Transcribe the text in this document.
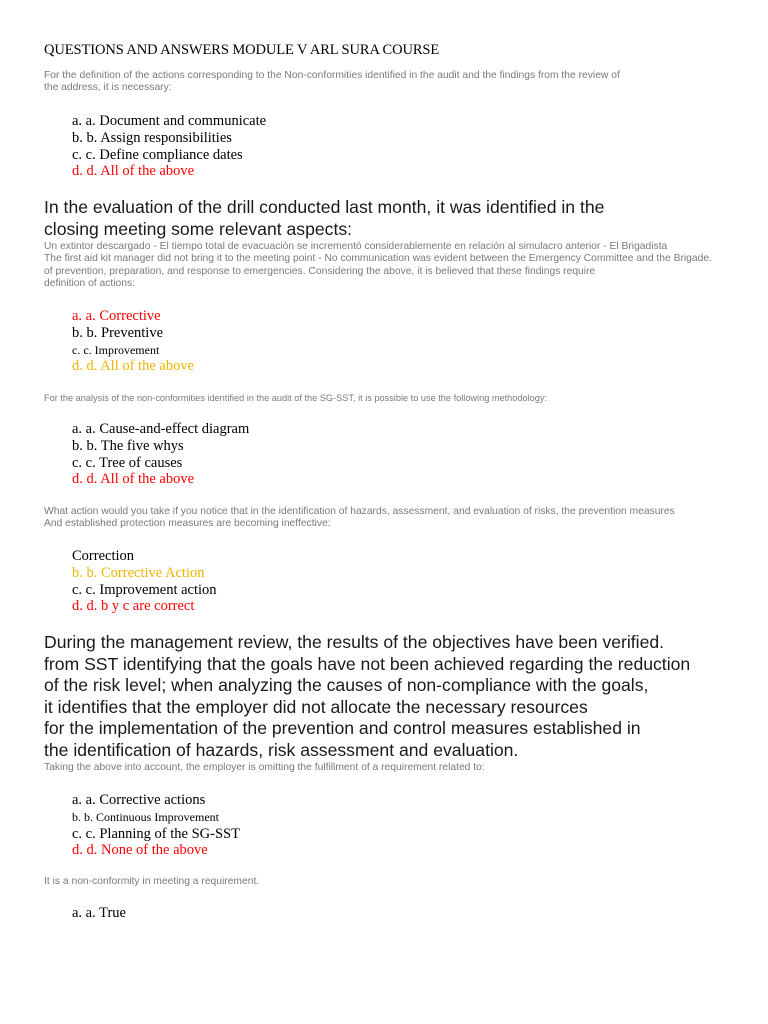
QUESTIONS AND ANSWERS MODULE V ARL SURA COURSE
For the definition of the actions corresponding to the Non-conformities identified in the audit and the findings from the review of
the address, it is necessary:
a. a. Document and communicate
b. b. Assign responsibilities
c. c. Define compliance dates
d. d. All of the above
In the evaluation of the drill conducted last month, it was identified in the
closing meeting some relevant aspects:
Un extintor descargado - El tiempo total de evacuación se incrementó considerablemente en relación al simulacro anterior - El Brigadista
The first aid kit manager did not bring it to the meeting point - No communication was evident between the Emergency Committee and the Brigade.
of prevention, preparation, and response to emergencies. Considering the above, it is believed that these findings require
definition of actions:
a. a. Corrective
b. b. Preventive
c. c. Improvement
d. d. All of the above
For the analysis of the non-conformities identified in the audit of the SG-SST, it is possible to use the following methodology:
a. a. Cause-and-effect diagram
b. b. The five whys
c. c. Tree of causes
d. d. All of the above
What action would you take if you notice that in the identification of hazards, assessment, and evaluation of risks, the prevention measures
And established protection measures are becoming ineffective:
Correction
b. b. Corrective Action
c. c. Improvement action
d. d. b y c are correct
During the management review, the results of the objectives have been verified.
from SST identifying that the goals have not been achieved regarding the reduction
of the risk level; when analyzing the causes of non-compliance with the goals,
it identifies that the employer did not allocate the necessary resources
for the implementation of the prevention and control measures established in
the identification of hazards, risk assessment and evaluation.
Taking the above into account, the employer is omitting the fulfillment of a requirement related to:
a. a. Corrective actions
b. b. Continuous Improvement
c. c. Planning of the SG-SST
d. d. None of the above
It is a non-conformity in meeting a requirement.
a. a. True
